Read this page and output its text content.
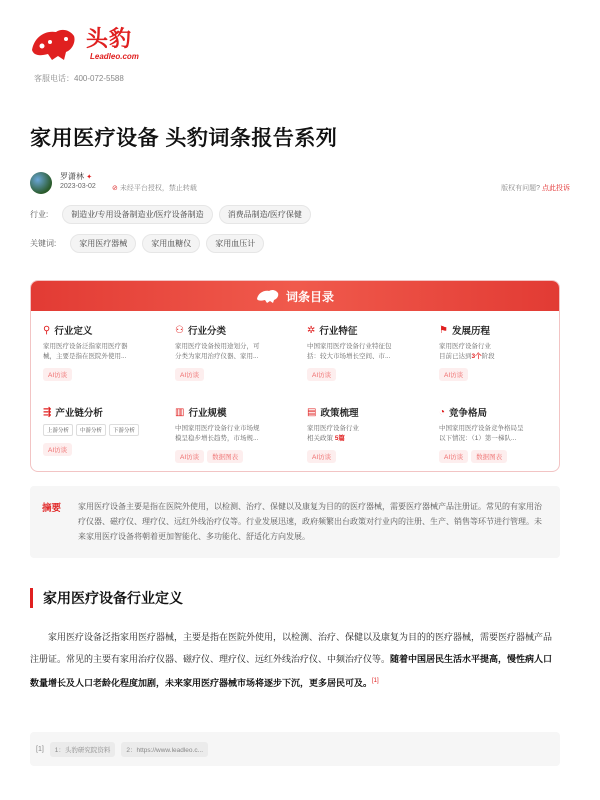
头豹
Leadleo.com
客服电话：400-072-5588
家用医疗设备 头豹词条报告系列
罗潇林 ✦
2023-03-02 ⊘ 未经平台授权，禁止转载	版权有问题? 点此投诉
行业:	制造业/专用设备制造业/医疗设备制造	消费品制造/医疗保健
关键词:	家用医疗器械	家用血糖仪	家用血压计
词条目录
⚲ 行业定义
家用医疗设备泛指家用医疗器
械，主要是指在医院外使用...
AI访谈
⚇ 行业分类
家用医疗设备按用途划分，可
分类为家用治疗仪器、家用...
AI访谈
✲ 行业特征
中国家用医疗设备行业特征包
括：较大市场增长空间、市...
AI访谈
⚑ 发展历程
家用医疗设备行业
目前已达到3个阶段
AI访谈
⇶ 产业链分析
上游分析 中游分析 下游分析
AI访谈
▥ 行业规模
中国家用医疗设备行业市场规
模呈稳步增长趋势，市场规...
AI访谈 数据图表
▤ 政策梳理
家用医疗设备行业
相关政策 5篇
AI访谈
◔ 竞争格局
中国家用医疗设备竞争格局呈
以下情况：（1）第一梯队...
AI访谈 数据图表
摘要 家用医疗设备主要是指在医院外使用，以检测、治疗、保健以及康复为目的的医疗器械，需要医疗器械产品注册证。常见的有家用治疗仪器、磁疗仪、理疗仪、远红外线治疗仪等。行业发展迅速，政府频繁出台政策对行业内的注册、生产、销售等环节进行管理。未来家用医疗设备将朝着更加智能化、多功能化、舒适化方向发展。
家用医疗设备行业定义
家用医疗设备泛指家用医疗器械，主要是指在医院外使用，以检测、治疗、保健以及康复为目的的医疗器械，需要医疗器械产品注册证。常见的主要有家用治疗仪器、磁疗仪、理疗仪、远红外线治疗仪、中频治疗仪等。随着中国居民生活水平提高，慢性病人口数量增长及人口老龄化程度加剧，未来家用医疗器械市场将逐步下沉，更多居民可及。[1]
[1]	1：头豹研究院资料	2：https://www.leadleo.c...
